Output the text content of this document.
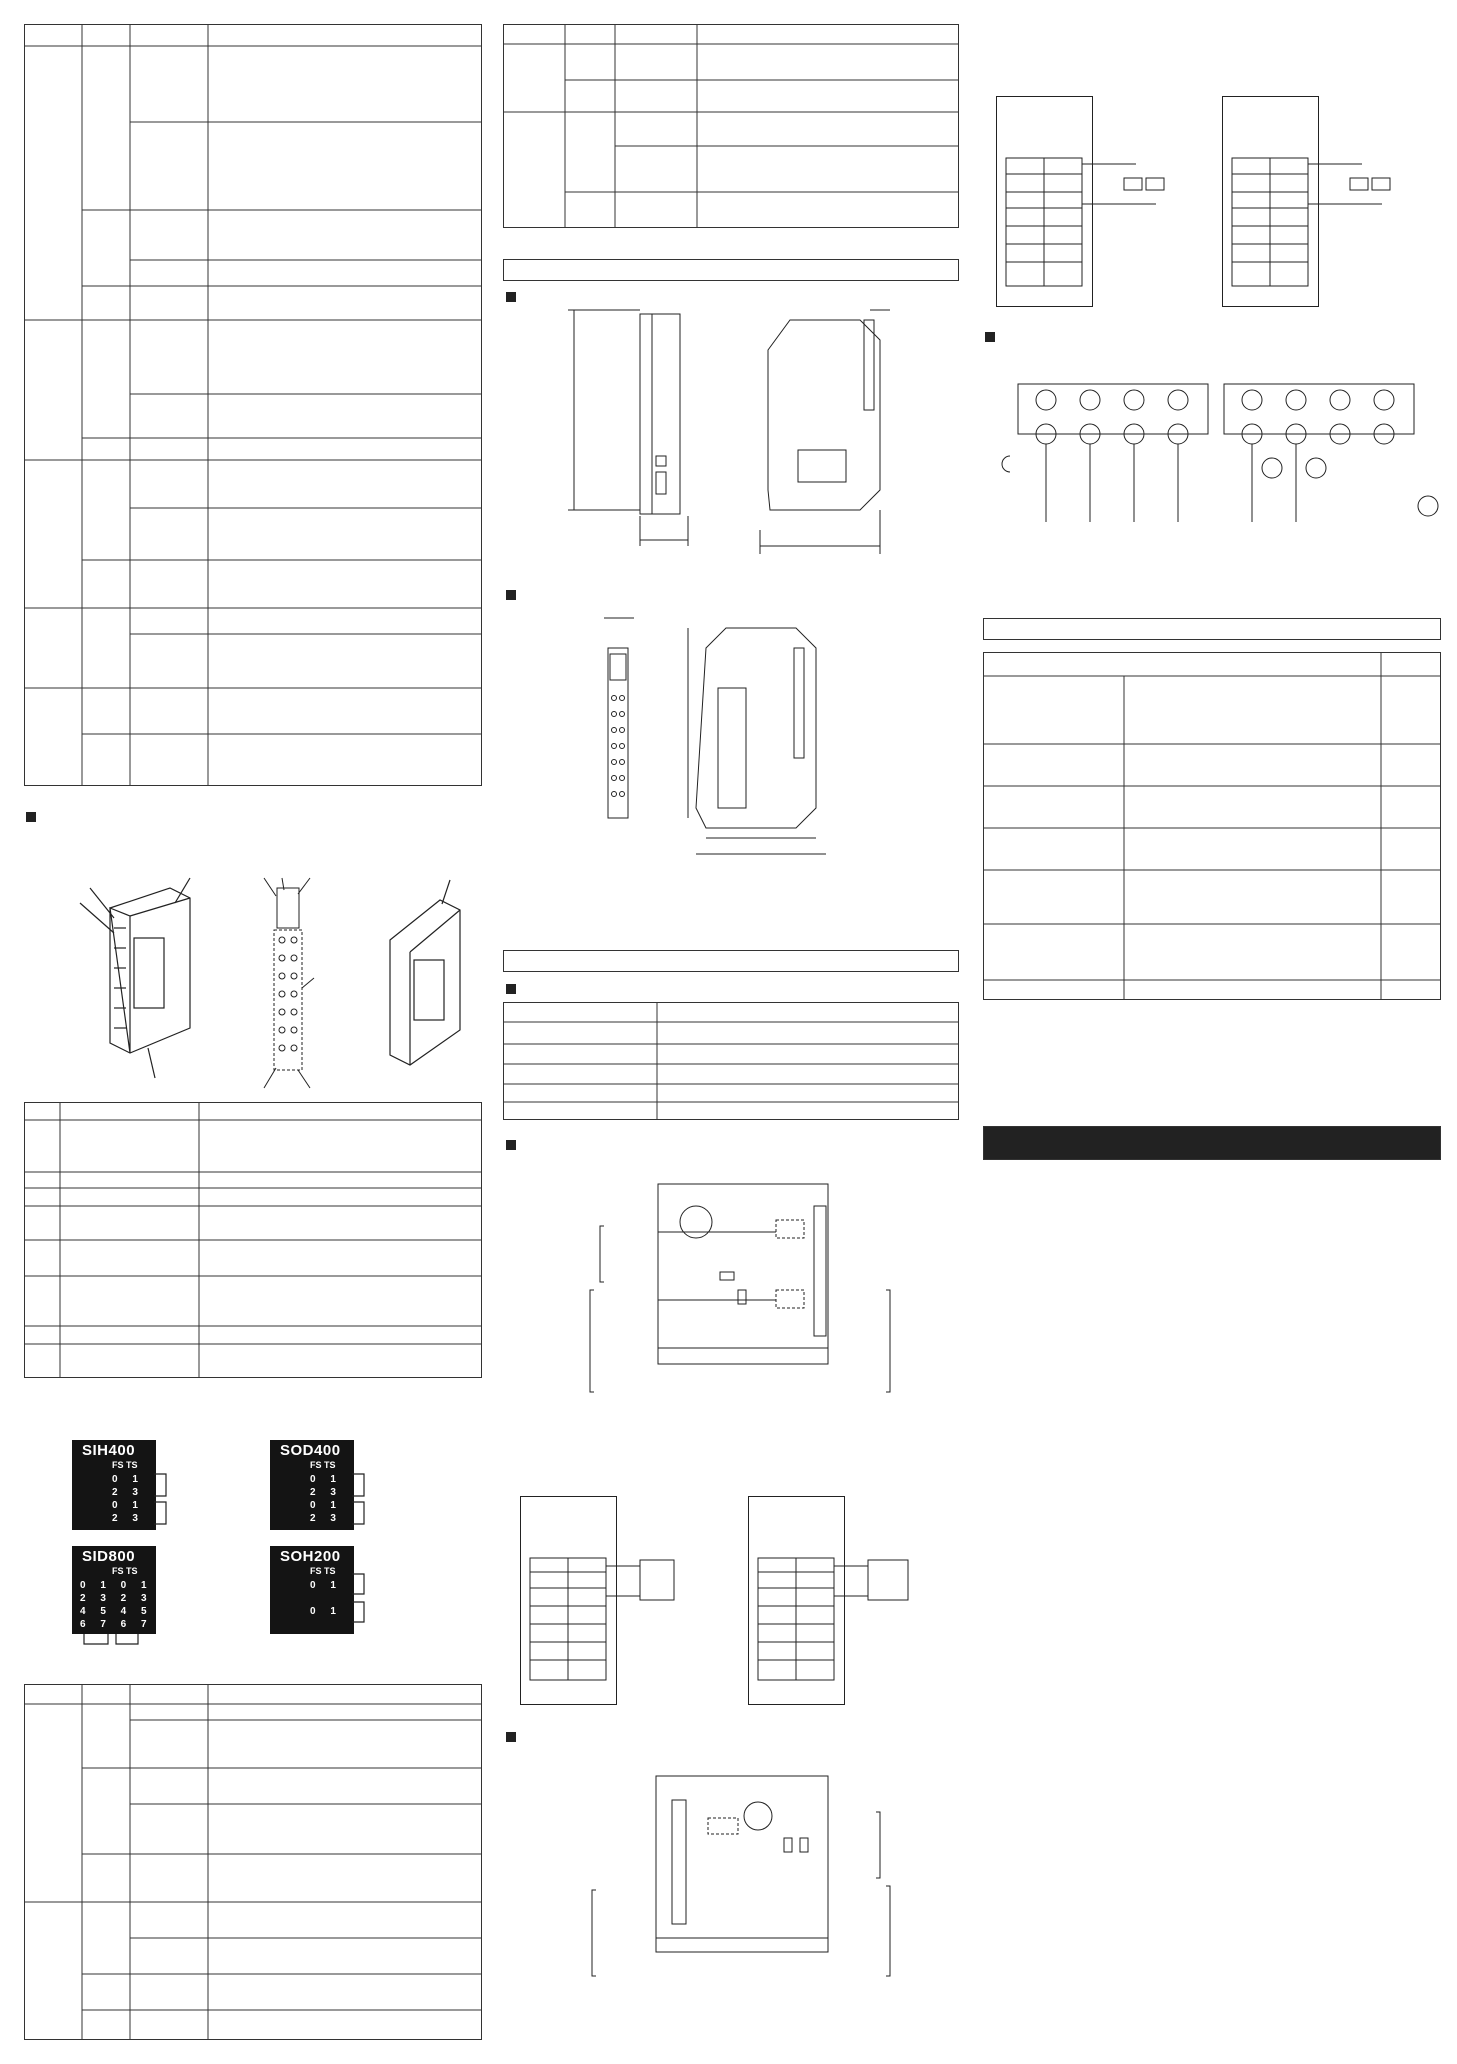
SIH400
FS TS
0 1
2 3
0 1
2 3
SOD400
FS TS
0 1
2 3
0 1
2 3
SID800
FS TS
0 1 0 1
2 3 2 3
4 5 4 5
6 7 6 7
SOH200
FS TS
0 1
0 1
